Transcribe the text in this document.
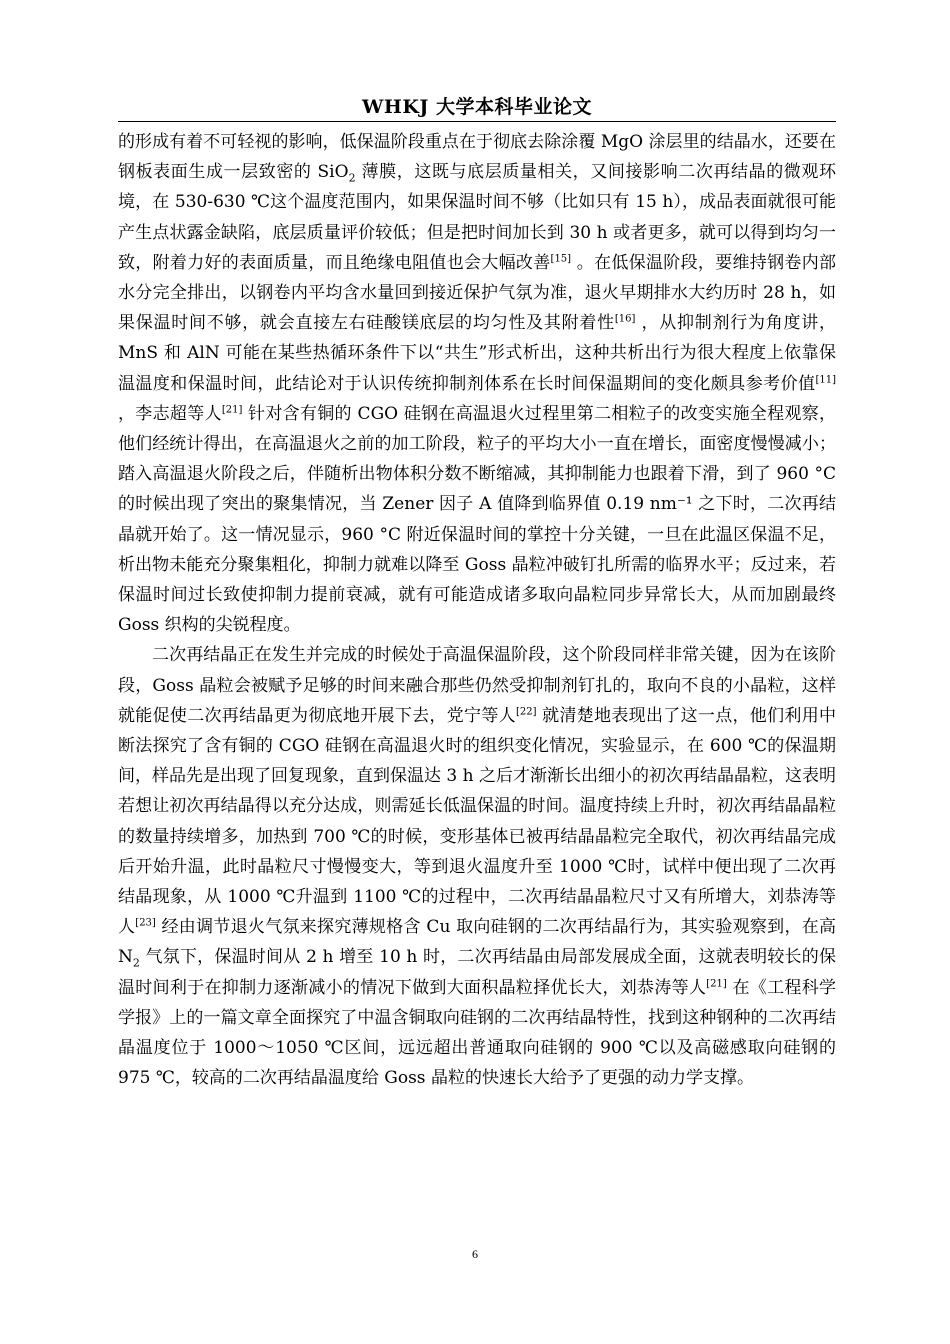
WHKJ 大学本科毕业论文

的形成有着不可轻视的影响，低保温阶段重点在于彻底去除涂覆 MgO 涂层里的结晶水，还要在钢板表面生成一层致密的 SiO$_2$ 薄膜，这既与底层质量相关，又间接影响二次再结晶的微观环境，在 530-630 ℃这个温度范围内，如果保温时间不够（比如只有 15 h），成品表面就很可能产生点状露金缺陷，底层质量评价较低；但是把时间加长到 30 h 或者更多，就可以得到均匀一致，附着力好的表面质量，而且绝缘电阻值也会大幅改善[15] 。在低保温阶段，要维持钢卷内部水分完全排出，以钢卷内平均含水量回到接近保护气氛为准，退火早期排水大约历时 28 h，如果保温时间不够，就会直接左右硅酸镁底层的均匀性及其附着性[16] ，从抑制剂行为角度讲，MnS 和 AlN 可能在某些热循环条件下以“共生”形式析出，这种共析出行为很大程度上依靠保温温度和保温时间，此结论对于认识传统抑制剂体系在长时间保温期间的变化颇具参考价值[11] ，李志超等人[21] 针对含有铜的 CGO 硅钢在高温退火过程里第二相粒子的改变实施全程观察，他们经统计得出，在高温退火之前的加工阶段，粒子的平均大小一直在增长，面密度慢慢减小；踏入高温退火阶段之后，伴随析出物体积分数不断缩减，其抑制能力也跟着下滑，到了 960 °C 的时候出现了突出的聚集情况，当 Zener 因子 A 值降到临界值 0.19 nm⁻¹ 之下时，二次再结晶就开始了。这一情况显示，960 °C 附近保温时间的掌控十分关键，一旦在此温区保温不足，析出物未能充分聚集粗化，抑制力就难以降至 Goss 晶粒冲破钉扎所需的临界水平；反过来，若保温时间过长致使抑制力提前衰减，就有可能造成诸多取向晶粒同步异常长大，从而加剧最终 Goss 织构的尖锐程度。

二次再结晶正在发生并完成的时候处于高温保温阶段，这个阶段同样非常关键，因为在该阶段，Goss 晶粒会被赋予足够的时间来融合那些仍然受抑制剂钉扎的，取向不良的小晶粒，这样就能促使二次再结晶更为彻底地开展下去，党宁等人[22] 就清楚地表现出了这一点，他们利用中断法探究了含有铜的 CGO 硅钢在高温退火时的组织变化情况，实验显示，在 600 ℃的保温期间，样品先是出现了回复现象，直到保温达 3 h 之后才渐渐长出细小的初次再结晶晶粒，这表明若想让初次再结晶得以充分达成，则需延长低温保温的时间。温度持续上升时，初次再结晶晶粒的数量持续增多，加热到 700 ℃的时候，变形基体已被再结晶晶粒完全取代，初次再结晶完成后开始升温，此时晶粒尺寸慢慢变大，等到退火温度升至 1000 ℃时，试样中便出现了二次再结晶现象，从 1000 ℃升温到 1100 ℃的过程中，二次再结晶晶粒尺寸又有所增大，刘恭涛等人[23] 经由调节退火气氛来探究薄规格含 Cu 取向硅钢的二次再结晶行为，其实验观察到，在高 $N_2$ 气氛下，保温时间从 2 h 增至 10 h 时，二次再结晶由局部发展成全面，这就表明较长的保温时间利于在抑制力逐渐减小的情况下做到大面积晶粒择优长大，刘恭涛等人[21] 在《工程科学学报》上的一篇文章全面探究了中温含铜取向硅钢的二次再结晶特性，找到这种钢种的二次再结晶温度位于 1000～1050 ℃区间，远远超出普通取向硅钢的 900 ℃以及高磁感取向硅钢的 975 ℃，较高的二次再结晶温度给 Goss 晶粒的快速长大给予了更强的动力学支撑。

6
